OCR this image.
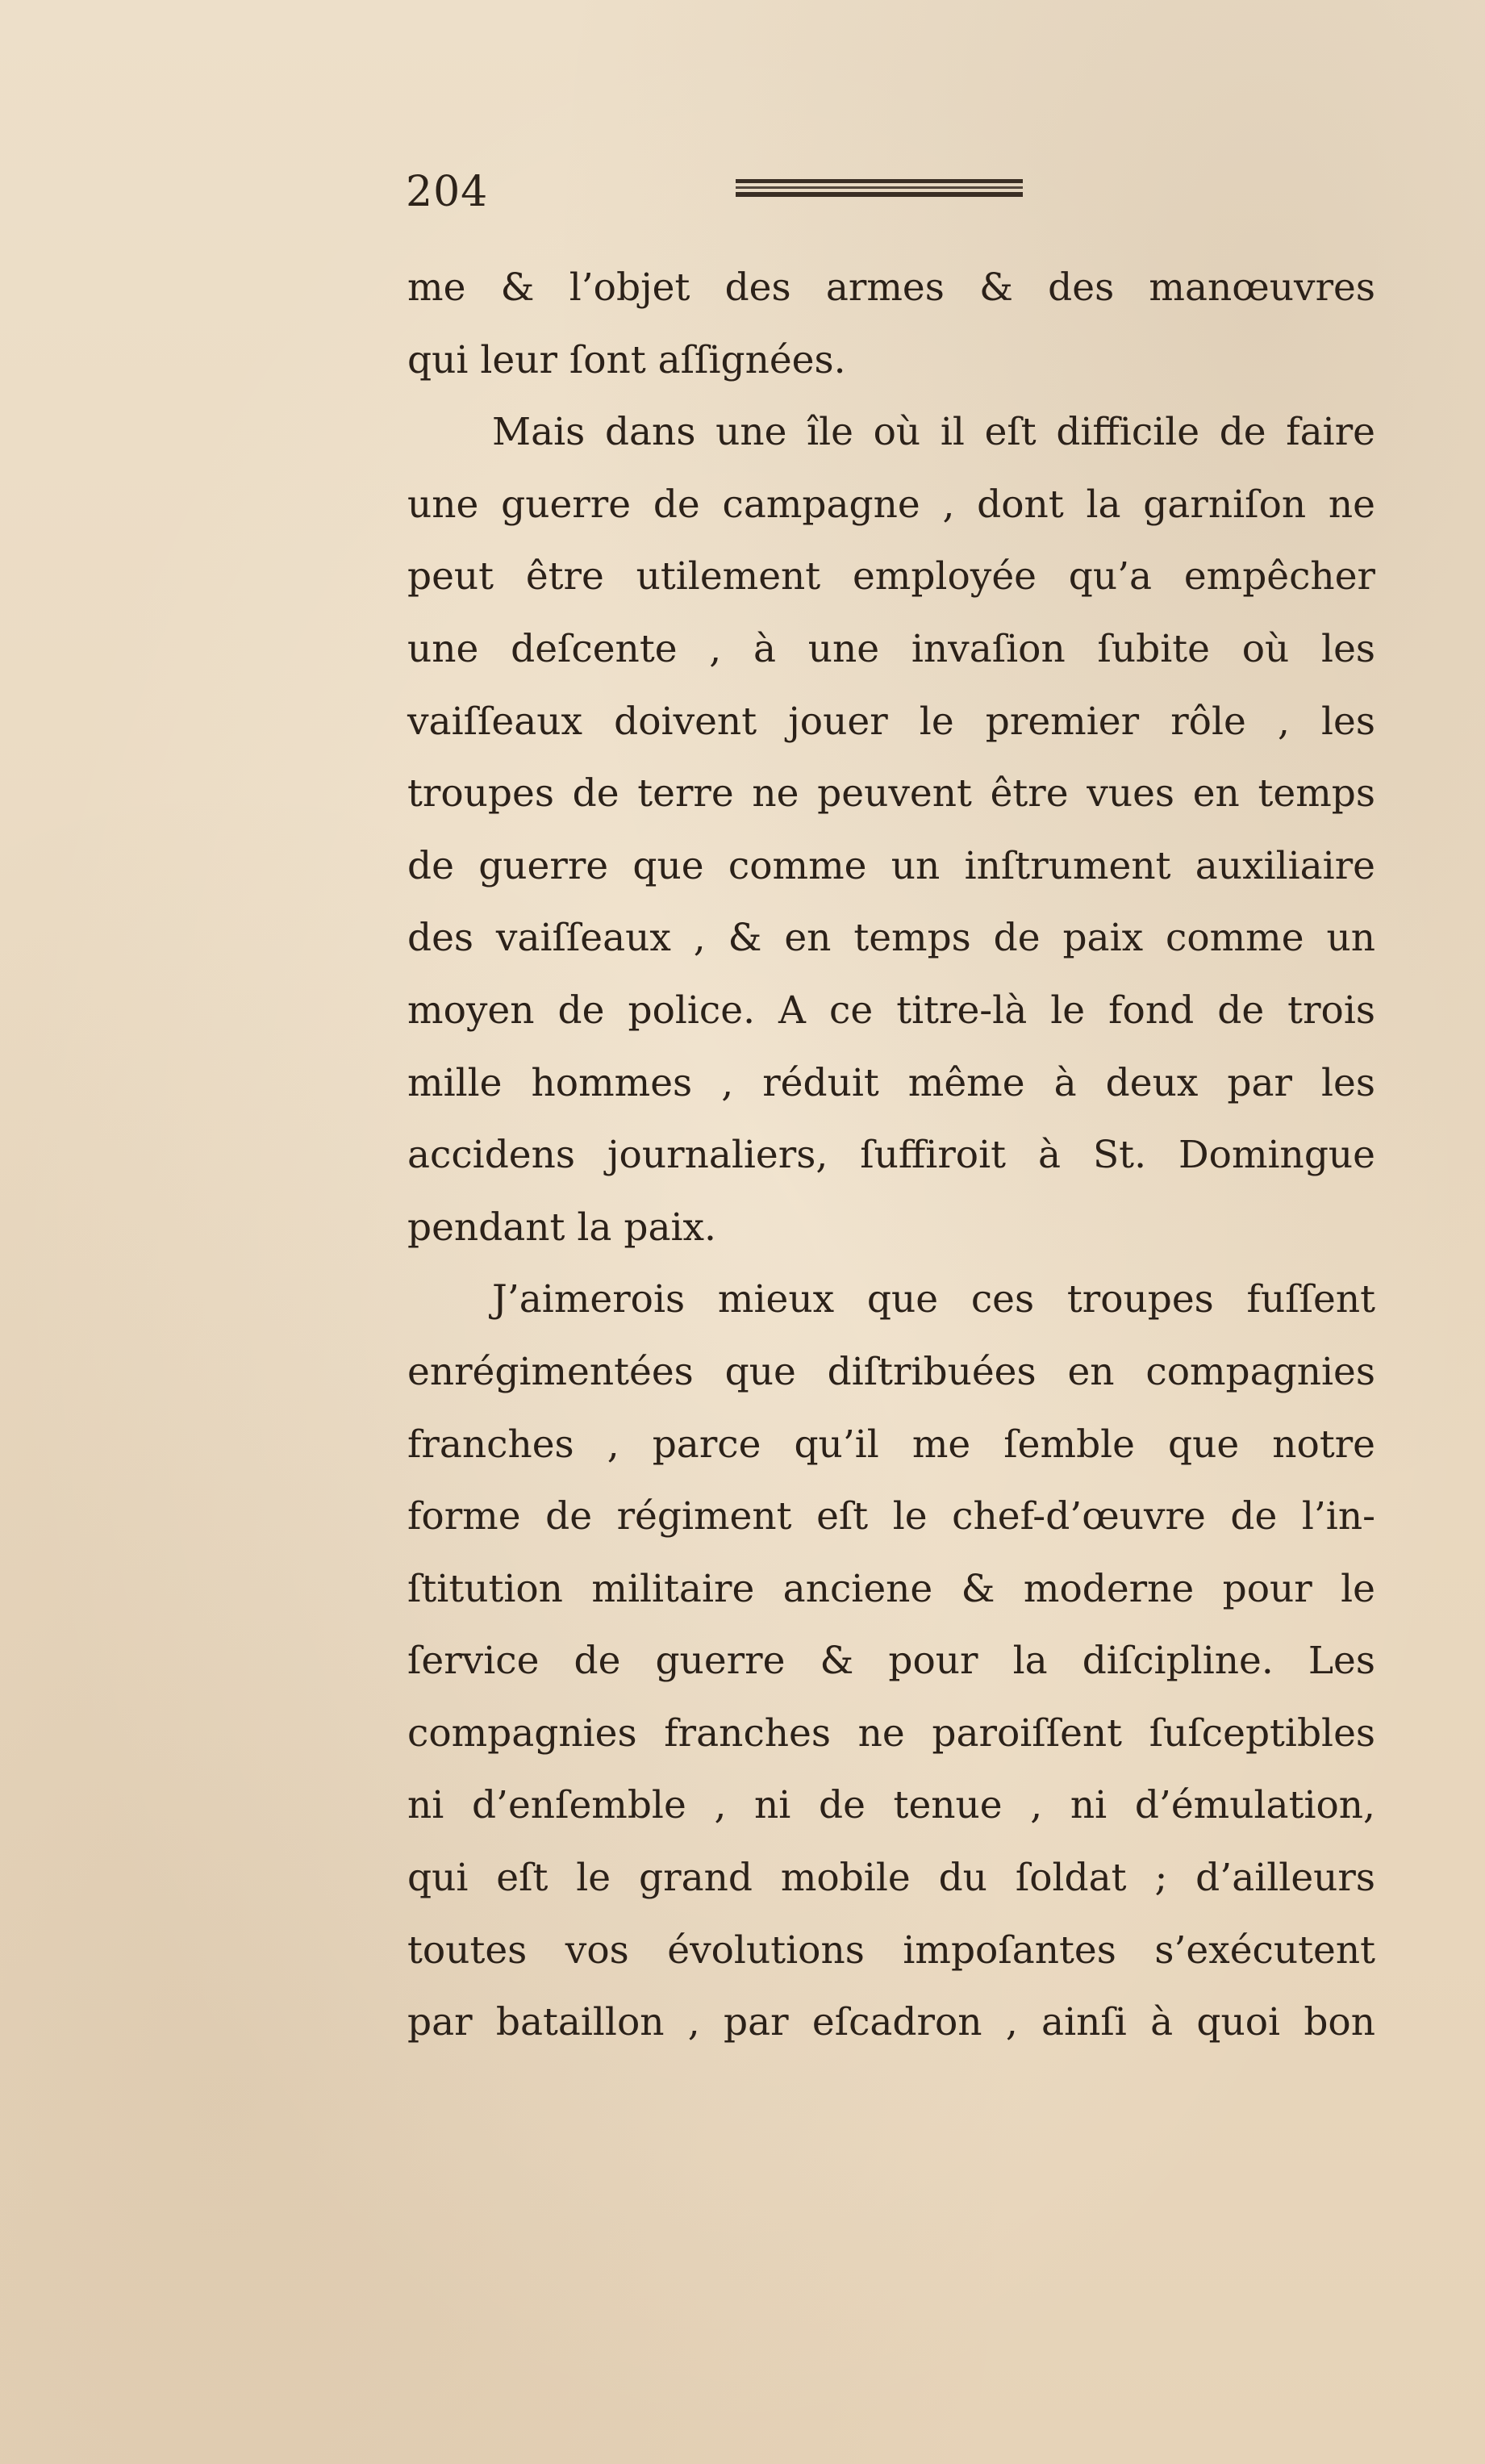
204
me & l’objet des armes & des manœuvres
qui leur ſont aſſignées.
Mais dans une île où il eſt difficile de faire
une guerre de campagne , dont la garniſon ne
peut être utilement employée qu’a empêcher
une deſcente , à une invaſion ſubite où les
vaiſſeaux doivent jouer le premier rôle , les
troupes de terre ne peuvent être vues en temps
de guerre que comme un inſtrument auxiliaire
des vaiſſeaux , & en temps de paix comme un
moyen de police. A ce titre-là le fond de trois
mille hommes , réduit même à deux par les
accidens journaliers, ſuffiroit à St. Domingue
pendant la paix.
J’aimerois mieux que ces troupes fuſſent
enrégimentées que diſtribuées en compagnies
franches , parce qu’il me ſemble que notre
forme de régiment eſt le chef-d’œuvre de l’in-
ſtitution militaire anciene & moderne pour le
ſervice de guerre & pour la diſcipline. Les
compagnies franches ne paroiſſent ſuſceptibles
ni d’enſemble , ni de tenue , ni d’émulation,
qui eſt le grand mobile du ſoldat ; d’ailleurs
toutes vos évolutions impoſantes s’exécutent
par bataillon , par eſcadron , ainſi à quoi bon
